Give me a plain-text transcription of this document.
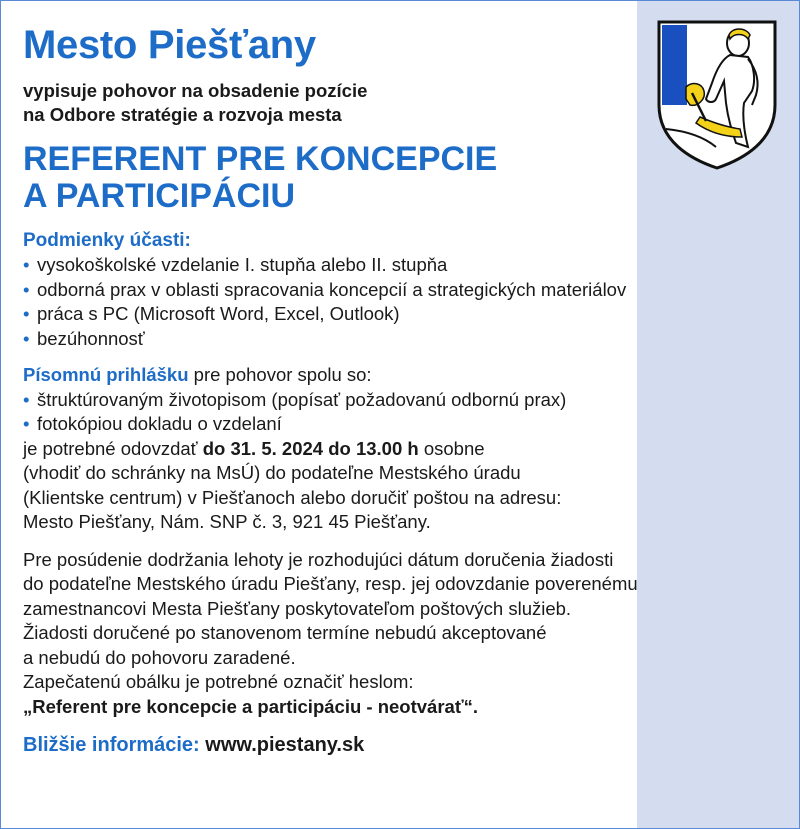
Mesto Piešťany
vypisuje pohovor na obsadenie pozície
na Odbore stratégie a rozvoja mesta
REFERENT PRE KONCEPCIE
A PARTICIPÁCIU
Podmienky účasti:
• vysokoškolské vzdelanie I. stupňa alebo II. stupňa
• odborná prax v oblasti spracovania koncepcií a strategických materiálov
• práca s PC (Microsoft Word, Excel, Outlook)
• bezúhonnosť
Písomnú prihlášku pre pohovor spolu so:
• štruktúrovaným životopisom (popísať požadovanú odbornú prax)
• fotokópiou dokladu o vzdelaní
je potrebné odovzdať do 31. 5. 2024 do 13.00 h osobne
(vhodiť do schránky na MsÚ) do podateľne Mestského úradu
(Klientske centrum) v Piešťanoch alebo doručiť poštou na adresu:
Mesto Piešťany, Nám. SNP č. 3, 921 45 Piešťany.
Pre posúdenie dodržania lehoty je rozhodujúci dátum doručenia žiadosti
do podateľne Mestského úradu Piešťany, resp. jej odovzdanie poverenému
zamestnancovi Mesta Piešťany poskytovateľom poštových služieb.
Žiadosti doručené po stanovenom termíne nebudú akceptované
a nebudú do pohovoru zaradené.
Zapečatenú obálku je potrebné označiť heslom:
„Referent pre koncepcie a participáciu - neotvárať“.
Bližšie informácie: www.piestany.sk
